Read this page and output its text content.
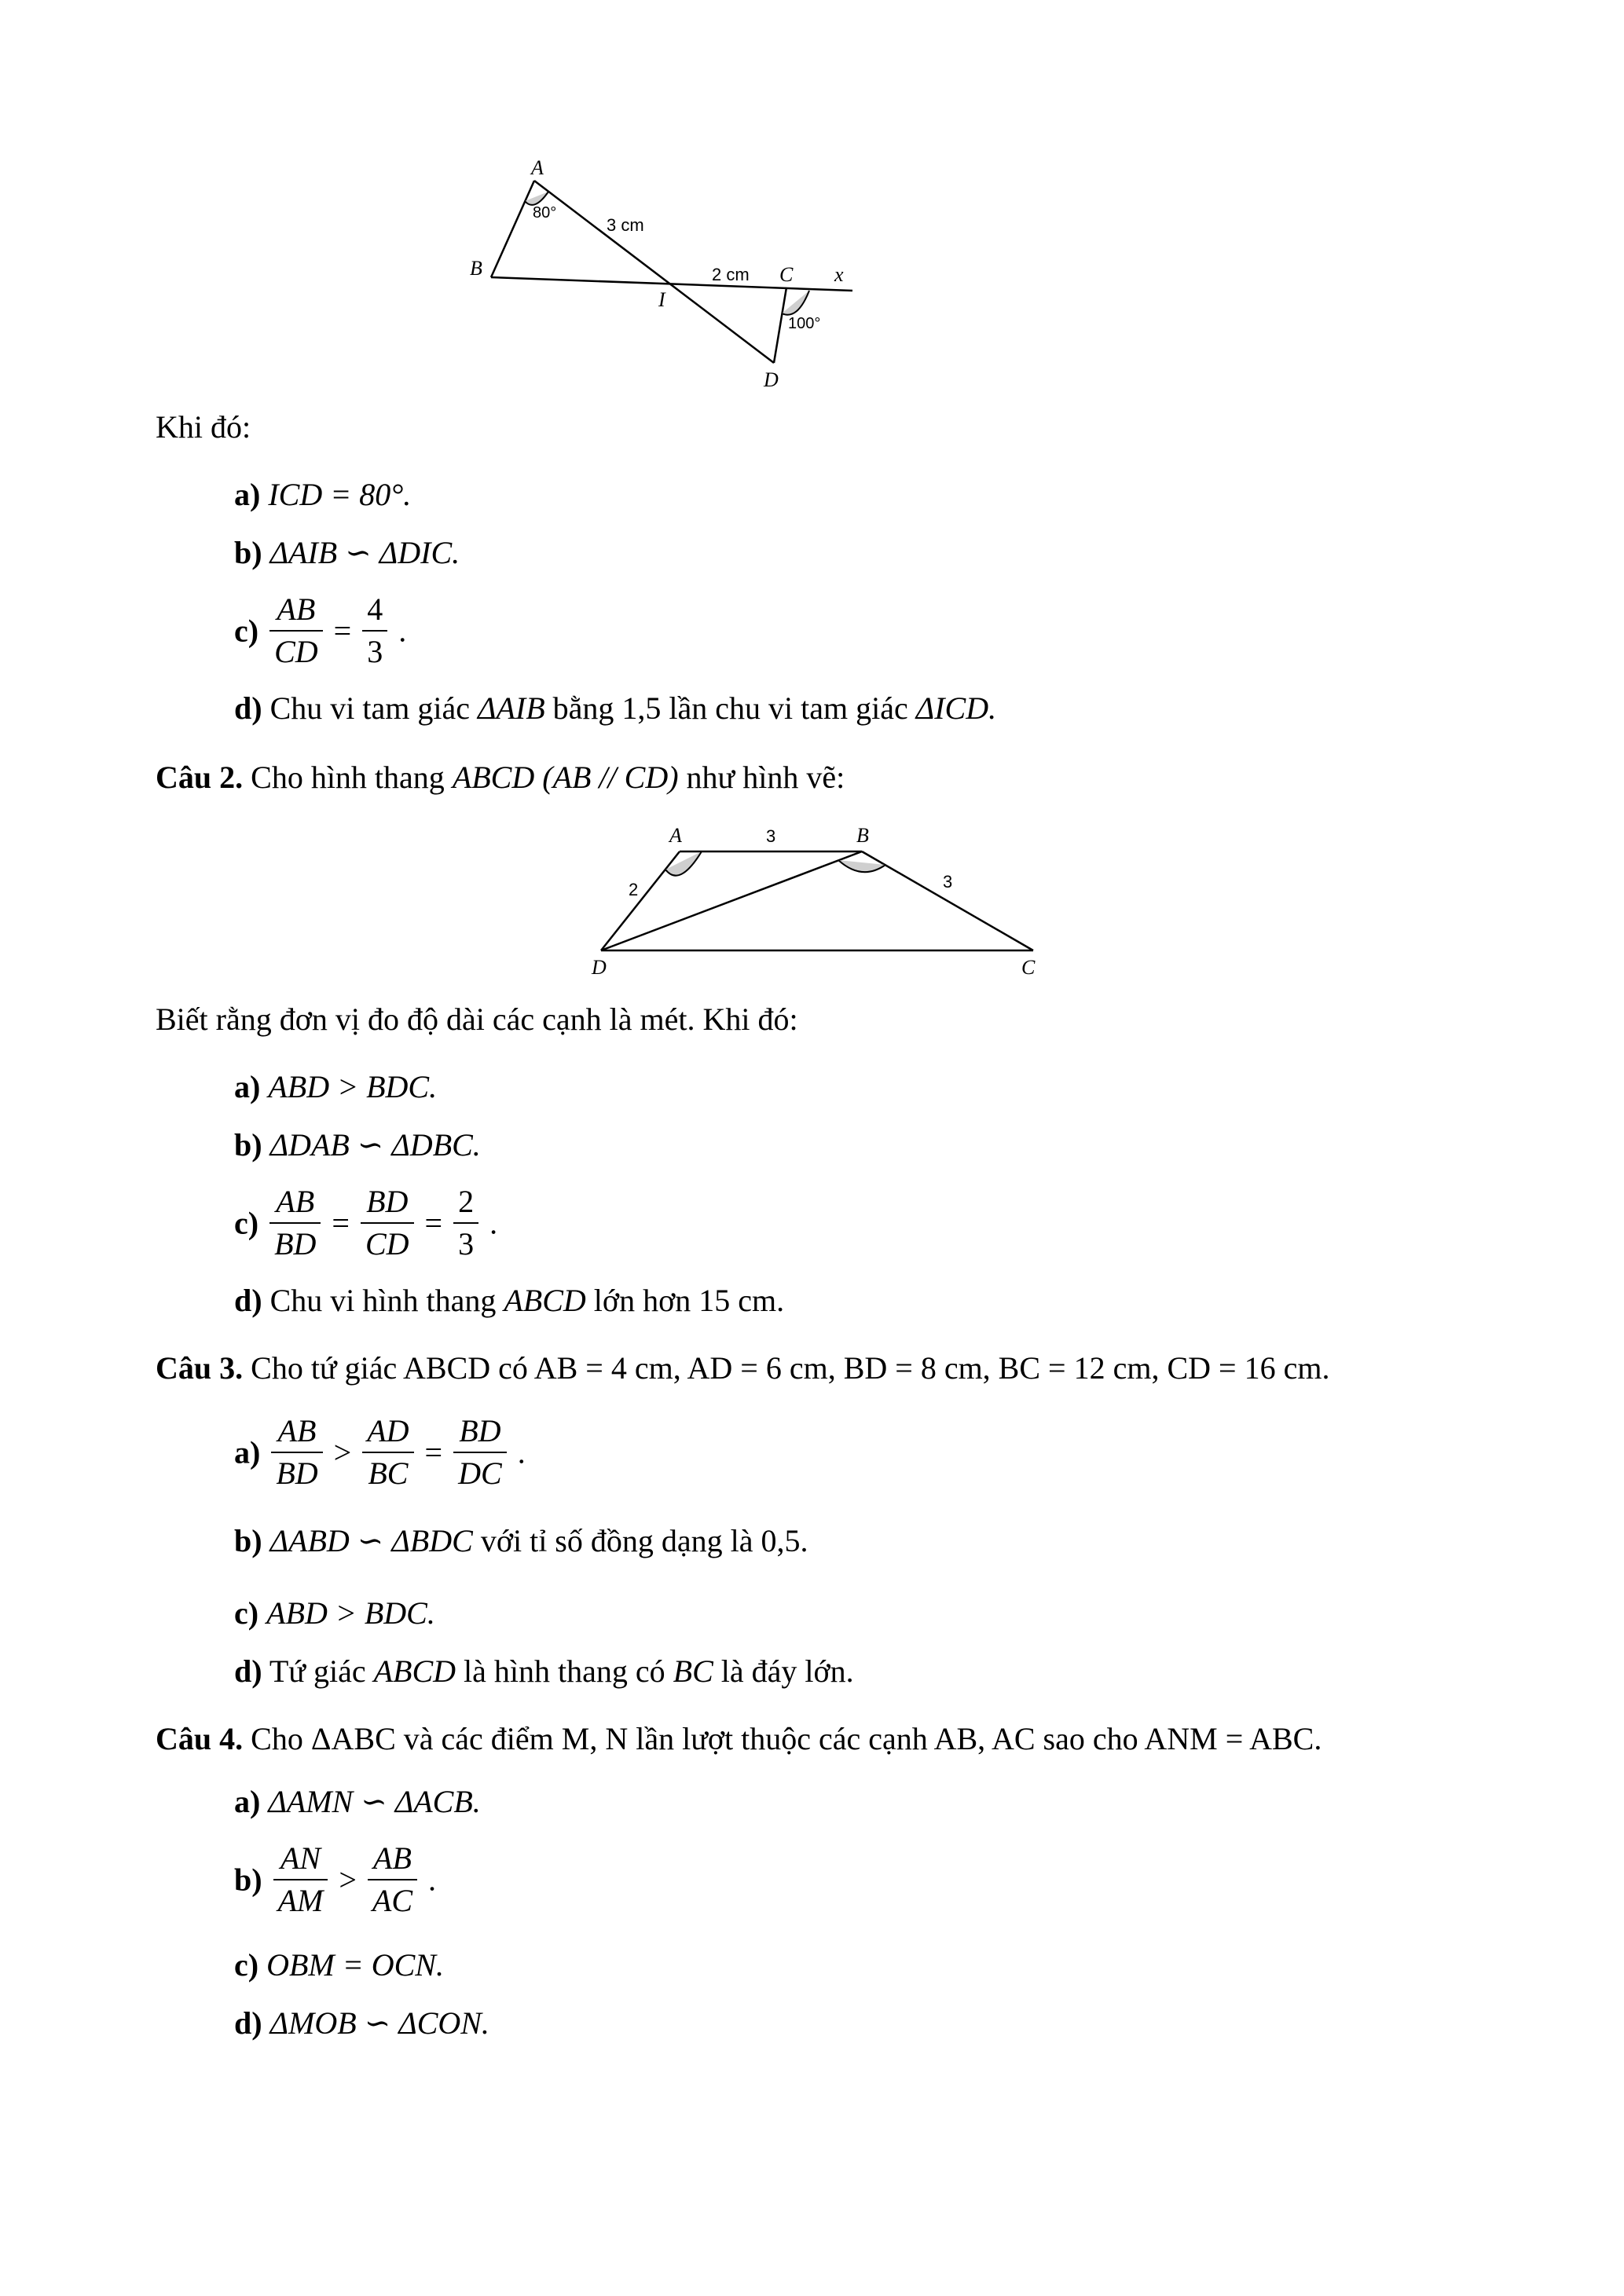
A
B	C
D
I
x
80°
100°
3 cm
2 cm
Khi đó:
a) ICD = 80°.
b) ΔAIB ∽ ΔDIC.
$c) \frac{AB}{CD} = \frac{4}{3}$ .
d) Chu vi tam giác ΔAIB bằng 1,5 lần chu vi tam giác ΔICD.
Câu 2. Cho hình thang ABCD (AB // CD) như hình vẽ:
A	B
C
D
3
2	3
Biết rằng đơn vị đo độ dài các cạnh là mét. Khi đó:
a) ABD > BDC.
b) ΔDAB ∽ ΔDBC.
$c) \frac{AB}{BD} = \frac{BD}{CD} = \frac{2}{3}$ .
d) Chu vi hình thang ABCD lớn hơn 15 cm.
Câu 3. Cho tứ giác ABCD có AB = 4 cm, AD = 6 cm, BD = 8 cm, BC = 12 cm, CD = 16 cm.
$a) \frac{AB}{BD} > \frac{AD}{BC} = \frac{BD}{DC}$ .
b) ΔABD ∽ ΔBDC với tỉ số đồng dạng là 0,5.
c) ABD > BDC.
d) Tứ giác ABCD là hình thang có BC là đáy lớn.
Câu 4. Cho ΔABC và các điểm M, N lần lượt thuộc các cạnh AB, AC sao cho ANM = ABC.
a) ΔAMN ∽ ΔACB.
$b) \frac{AN}{AM} > \frac{AB}{AC}$ .
c) OBM = OCN.
d) ΔMOB ∽ ΔCON.
